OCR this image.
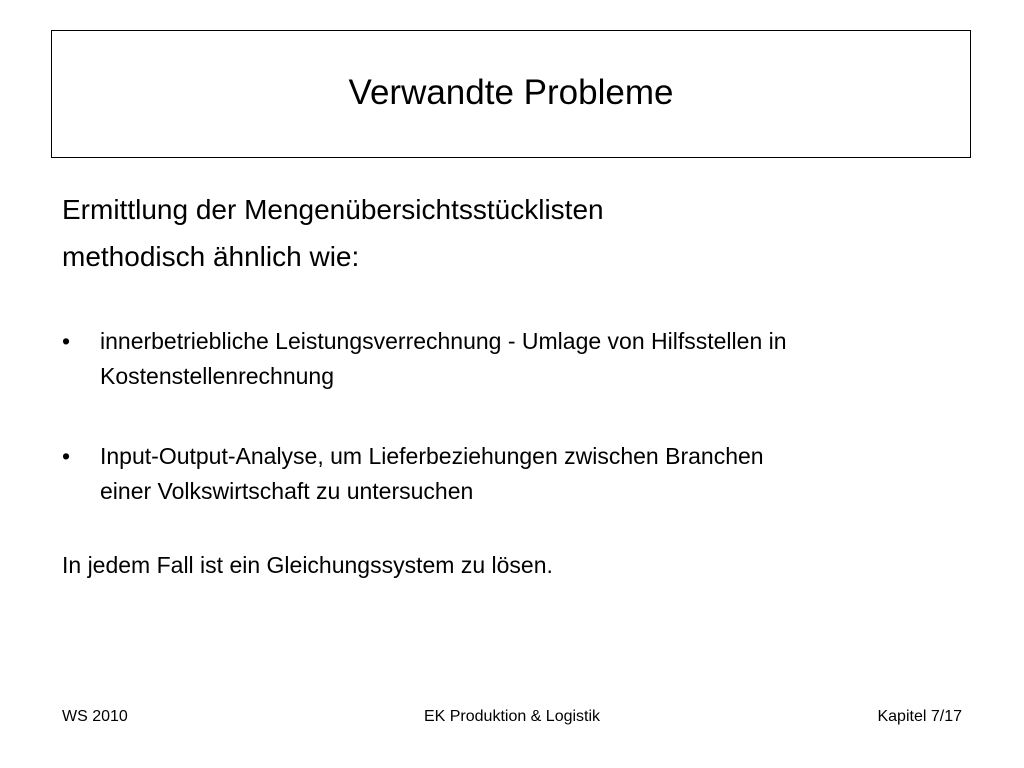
Verwandte Probleme
Ermittlung der Mengenübersichtsstücklisten
methodisch ähnlich wie:
•	innerbetriebliche Leistungsverrechnung - Umlage von Hilfsstellen in
Kostenstellenrechnung
•	Input-Output-Analyse, um Lieferbeziehungen zwischen Branchen
einer Volkswirtschaft zu untersuchen

In jedem Fall ist ein Gleichungssystem zu lösen.

EK Produktion & Logistik
WS 2010	Kapitel 7/17
